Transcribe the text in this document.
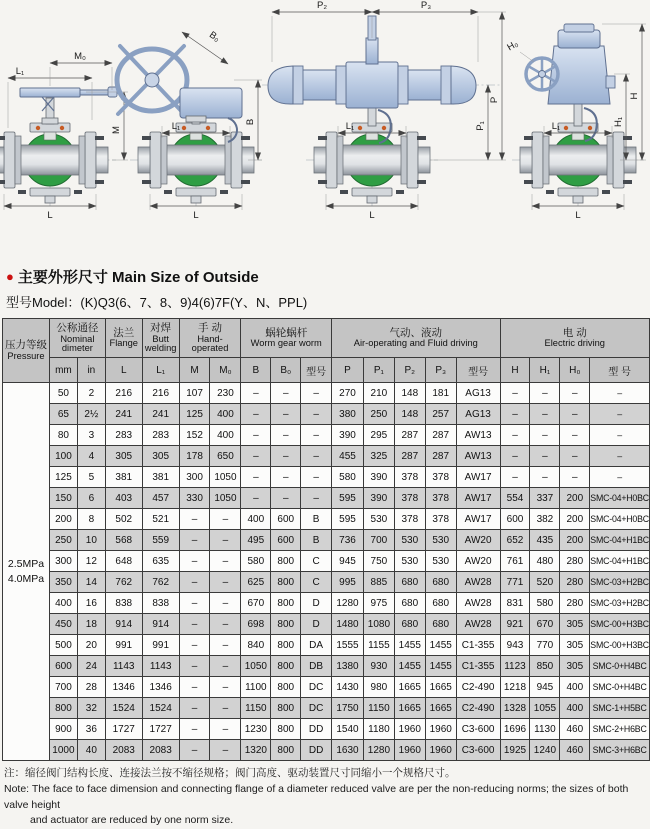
L₁
M₀
M
L
B₀
L₁	B
L
P₂	P₃
P₁
P
L₁
L
H₀
H
H₁
L₁
L
● 主要外形尺寸 Main Size of Outside
型号Model：(K)Q3(6、7、8、9)4(6)7F(Y、N、PPL)
压力等级
Pressure

公称通径
Nominal dimeter

法兰
Flange

对焊
Butt welding

手 动
Hand-operated

蜗轮蜗杆
Worm gear worm

气动、液动
Air-operating and Fluid driving

电 动
Electric driving

	mm	in	L	L₁	M	M₀	B	B₀	型号	P	P₁	P₂	P₃	型号	H	H₁	H₀	型 号

2.5MPa
4.0MPa	50	2	216	216	107	230	–	–	–	270	210	148	181	AG13	–	–	–	–
	65	2½	241	241	125	400	–	–	–	380	250	148	257	AG13	–	–	–	–
	80	3	283	283	152	400	–	–	–	390	295	287	287	AW13	–	–	–	–
	100	4	305	305	178	650	–	–	–	455	325	287	287	AW13	–	–	–	–
	125	5	381	381	300	1050	–	–	–	580	390	378	378	AW17	–	–	–	–
	150	6	403	457	330	1050	–	–	–	595	390	378	378	AW17	554	337	200	SMC-04+H0BC
	200	8	502	521	–	–	400	600	B	595	530	378	378	AW17	600	382	200	SMC-04+H0BC
	250	10	568	559	–	–	495	600	B	736	700	530	530	AW20	652	435	200	SMC-04+H1BC
	300	12	648	635	–	–	580	800	C	945	750	530	530	AW20	761	480	280	SMC-04+H1BC
	350	14	762	762	–	–	625	800	C	995	885	680	680	AW28	771	520	280	SMC-03+H2BC
	400	16	838	838	–	–	670	800	D	1280	975	680	680	AW28	831	580	280	SMC-03+H2BC
	450	18	914	914	–	–	698	800	D	1480	1080	680	680	AW28	921	670	305	SMC-00+H3BC
	500	20	991	991	–	–	840	800	DA	1555	1155	1455	1455	C1-355	943	770	305	SMC-00+H3BC
	600	24	1143	1143	–	–	1050	800	DB	1380	930	1455	1455	C1-355	1123	850	305	SMC-0+H4BC
	700	28	1346	1346	–	–	1100	800	DC	1430	980	1665	1665	C2-490	1218	945	400	SMC-0+H4BC
	800	32	1524	1524	–	–	1150	800	DC	1750	1150	1665	1665	C2-490	1328	1055	400	SMC-1+H5BC
	900	36	1727	1727	–	–	1230	800	DD	1540	1180	1960	1960	C3-600	1696	1130	460	SMC-2+H6BC
	1000	40	2083	2083	–	–	1320	800	DD	1630	1280	1960	1960	C3-600	1925	1240	460	SMC-3+H6BC
注：缩径阀门结构长度、连接法兰按不缩径规格；阀门高度、驱动装置尺寸同缩小一个规格尺寸。
Note: The face to face dimension and connecting flange of a diameter reduced valve are per the non-reducing norms; the sizes of both valve height
and actuator are reduced by one norm size.
